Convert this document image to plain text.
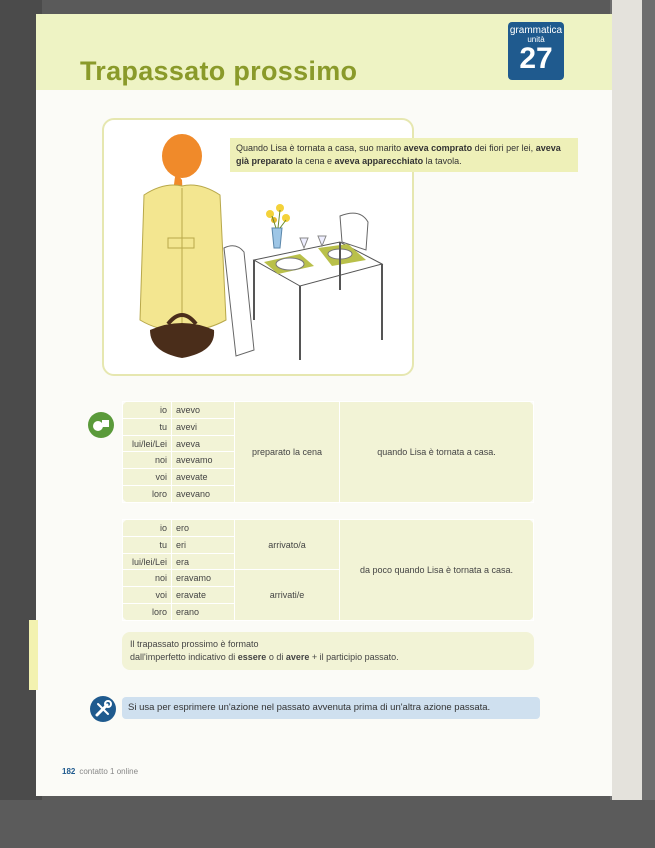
Trapassato prossimo
grammatica
unità
27
Quando Lisa è tornata a casa, suo marito aveva comprato dei fiori per lei, aveva già preparato la cena e aveva apparecchiato la tavola.
io	avevo	preparato la cena	quando Lisa è tornata a casa.
tu	avevi		
lui/lei/Lei	aveva		
noi	avevamo		
voi	avevate		
loro	avevano		
io	ero	arrivato/a	da poco quando Lisa è tornata a casa.
tu	eri		
lui/lei/Lei	era		
noi	eravamo	arrivati/e	
voi	eravate		
loro	erano		
Il trapassato prossimo è formato
dall'imperfetto indicativo di essere o di avere + il participio passato.
Si usa per esprimere un'azione nel passato avvenuta prima di un'altra azione passata.
182 contatto 1 online
